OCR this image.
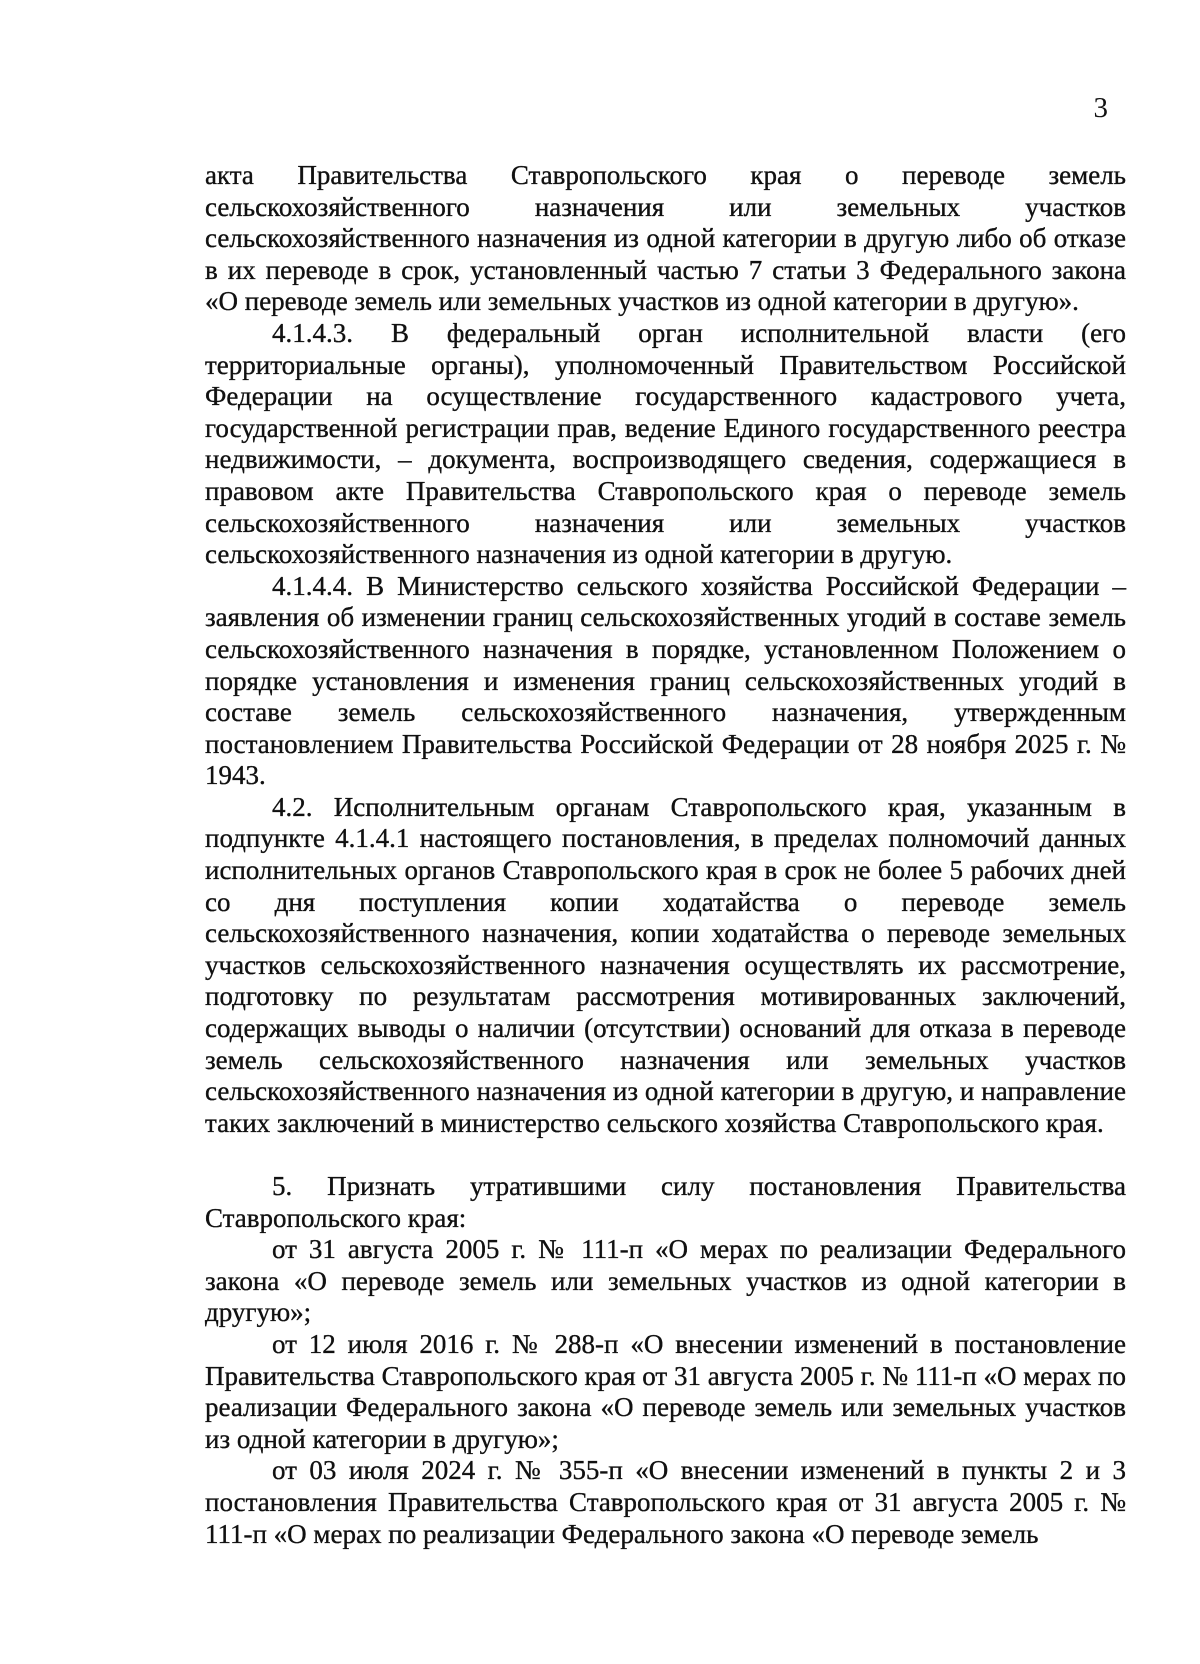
3

акта Правительства Ставропольского края о переводе земель сельскохозяйственного назначения или земельных участков сельскохозяйственного назначения из одной категории в другую либо об отказе в их переводе в срок, установленный частью 7 статьи 3 Федерального закона «О переводе земель или земельных участков из одной категории в другую».

4.1.4.3. В федеральный орган исполнительной власти (его территориальные органы), уполномоченный Правительством Российской Федерации на осуществление государственного кадастрового учета, государственной регистрации прав, ведение Единого государственного реестра недвижимости, – документа, воспроизводящего сведения, содержащиеся в правовом акте Правительства Ставропольского края о переводе земель сельскохозяйственного назначения или земельных участков сельскохозяйственного назначения из одной категории в другую.

4.1.4.4. В Министерство сельского хозяйства Российской Федерации – заявления об изменении границ сельскохозяйственных угодий в составе земель сельскохозяйственного назначения в порядке, установленном Положением о порядке установления и изменения границ сельскохозяйственных угодий в составе земель сельскохозяйственного назначения, утвержденным постановлением Правительства Российской Федерации от 28 ноября 2025 г. № 1943.

4.2. Исполнительным органам Ставропольского края, указанным в подпункте 4.1.4.1 настоящего постановления, в пределах полномочий данных исполнительных органов Ставропольского края в срок не более 5 рабочих дней со дня поступления копии ходатайства о переводе земель сельскохозяйственного назначения, копии ходатайства о переводе земельных участков сельскохозяйственного назначения осуществлять их рассмотрение, подготовку по результатам рассмотрения мотивированных заключений, содержащих выводы о наличии (отсутствии) оснований для отказа в переводе земель сельскохозяйственного назначения или земельных участков сельскохозяйственного назначения из одной категории в другую, и направление таких заключений в министерство сельского хозяйства Ставропольского края.

5. Признать утратившими силу постановления Правительства Ставропольского края:

от 31 августа 2005 г. № 111-п «О мерах по реализации Федерального закона «О переводе земель или земельных участков из одной категории в другую»;

от 12 июля 2016 г. № 288-п «О внесении изменений в постановление Правительства Ставропольского края от 31 августа 2005 г. № 111-п «О мерах по реализации Федерального закона «О переводе земель или земельных участков из одной категории в другую»;

от 03 июля 2024 г. № 355-п «О внесении изменений в пункты 2 и 3 постановления Правительства Ставропольского края от 31 августа 2005 г. № 111-п «О мерах по реализации Федерального закона «О переводе земель
